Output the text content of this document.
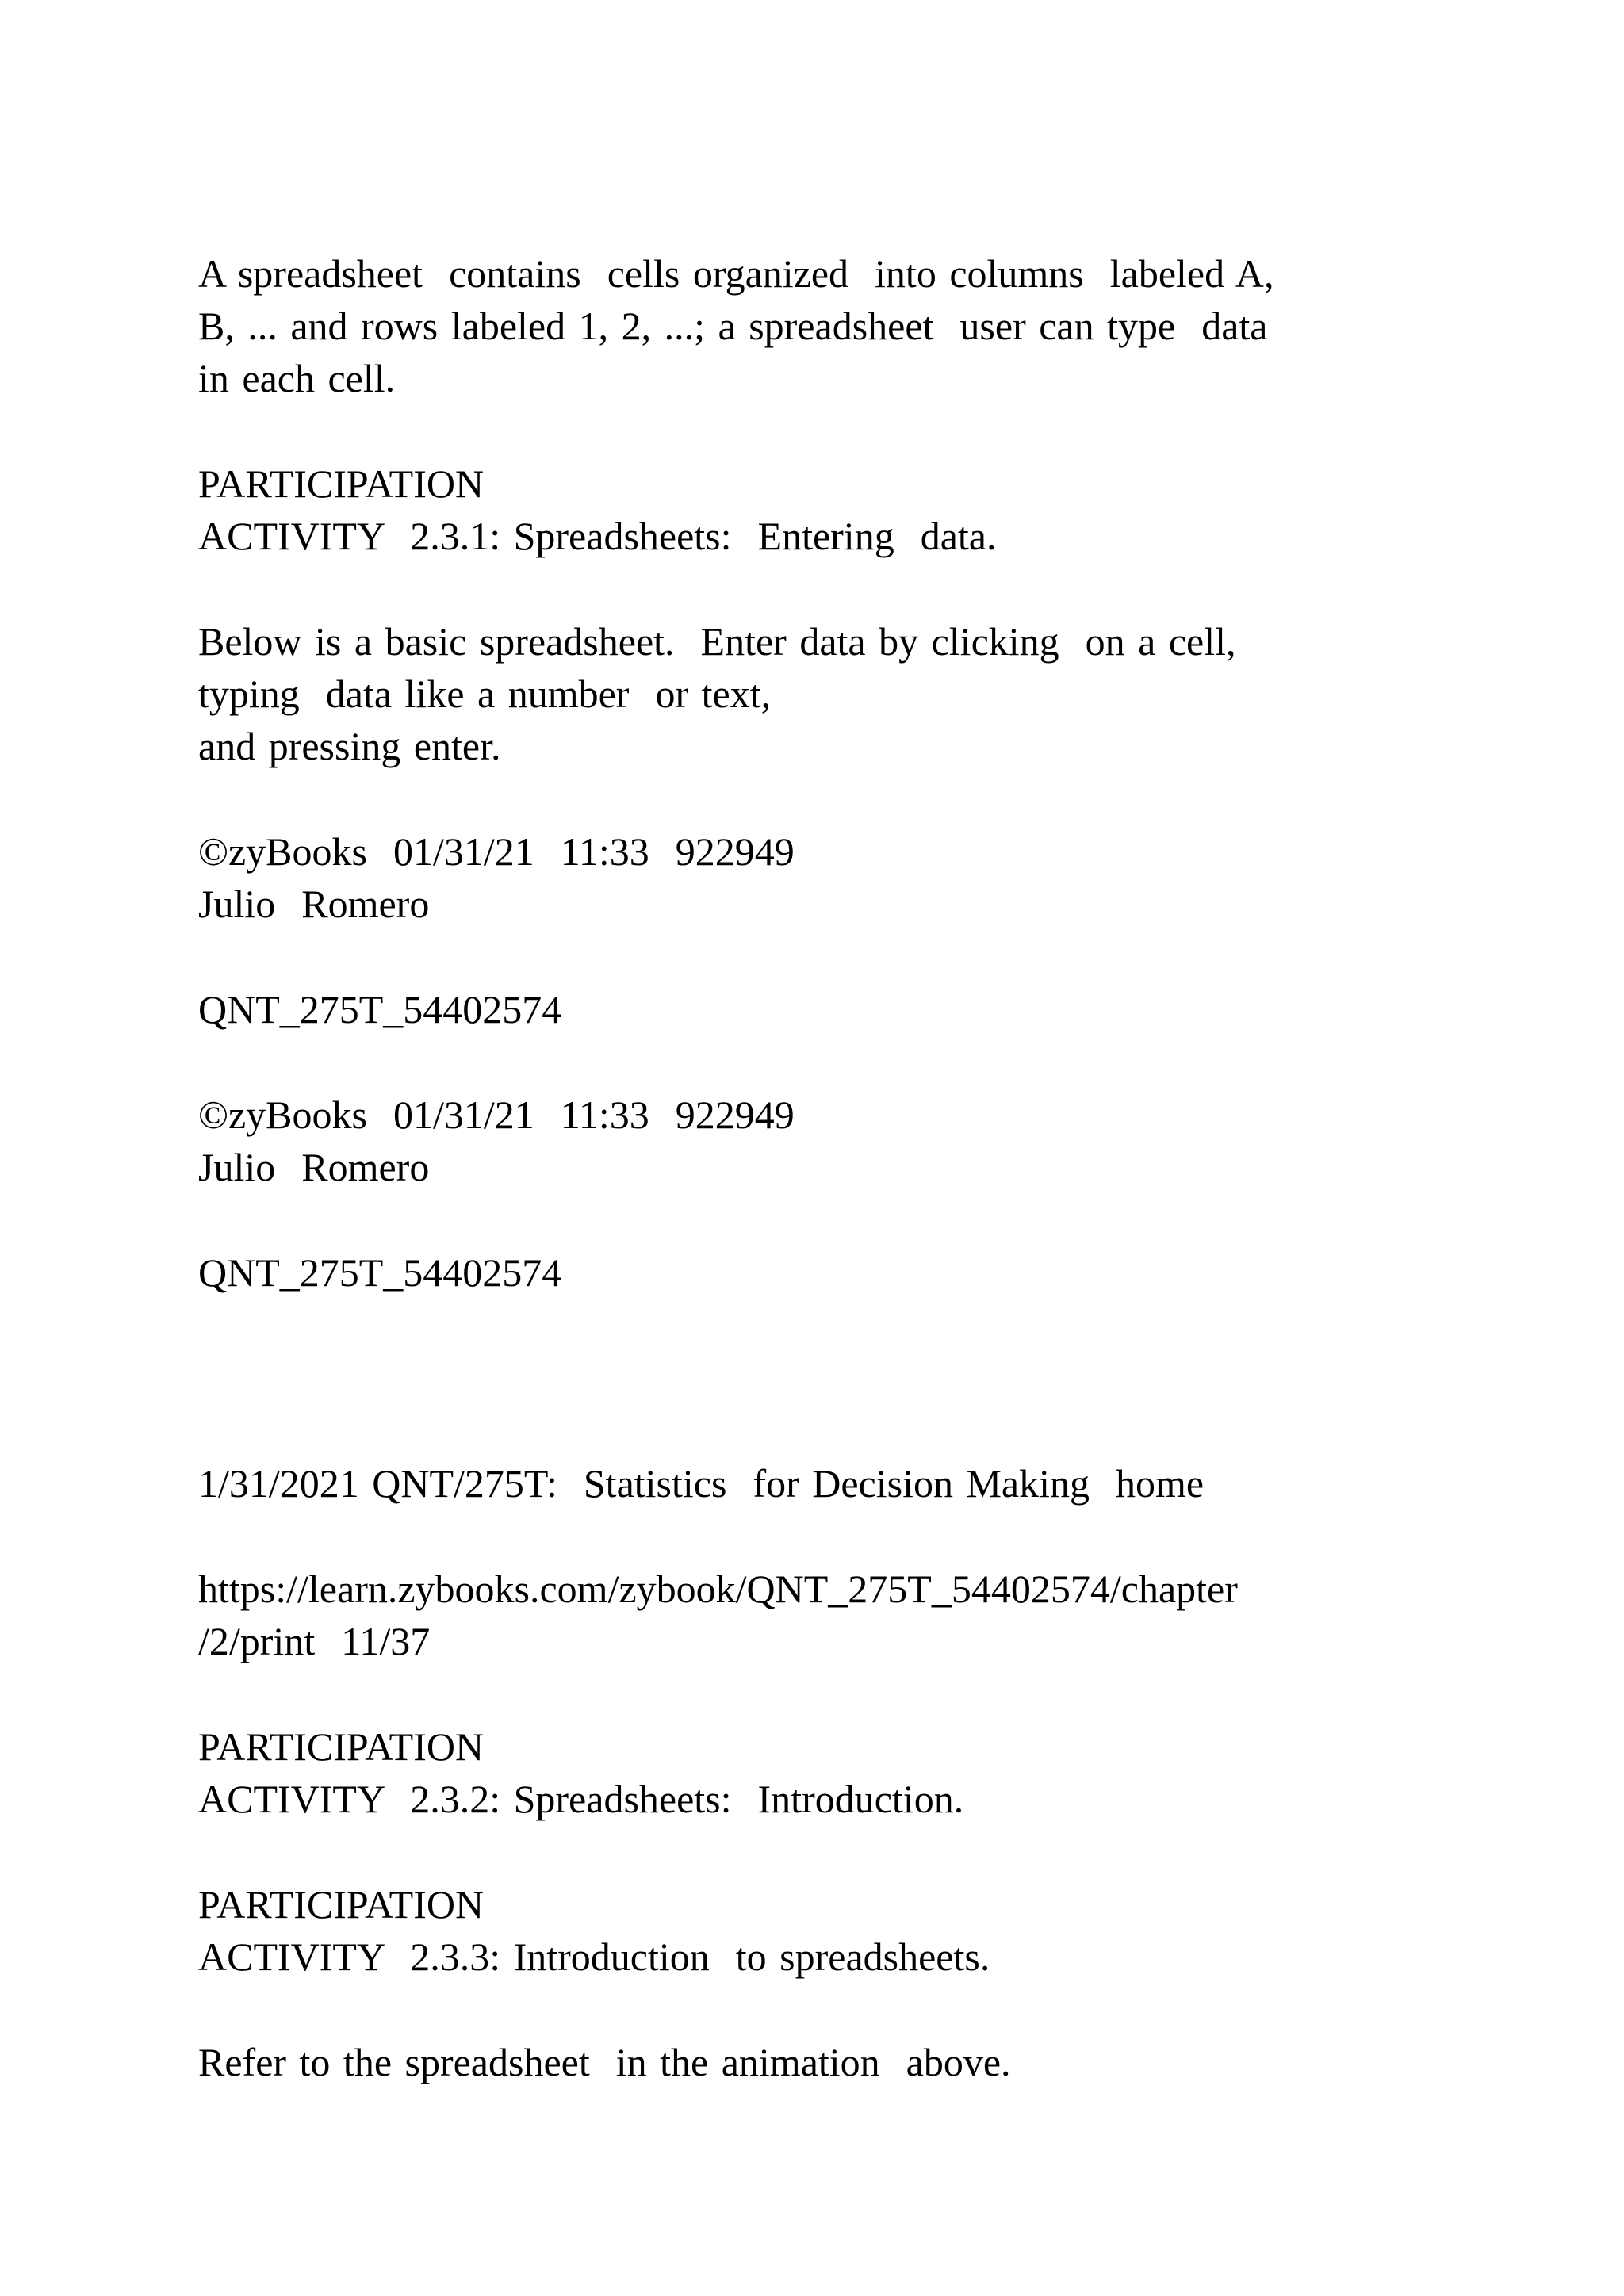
A spreadsheet  contains  cells organized  into columns  labeled A,

B, ... and rows labeled 1, 2, ...; a spreadsheet  user can type  data

in each cell.

PARTICIPATION

ACTIVITY  2.3.1: Spreadsheets:  Entering  data.

Below is a basic spreadsheet.  Enter data by clicking  on a cell,

typing  data like a number  or text,

and pressing enter.

©zyBooks  01/31/21  11:33  922949

Julio  Romero

QNT_275T_54402574

©zyBooks  01/31/21  11:33  922949

Julio  Romero

QNT_275T_54402574

1/31/2021 QNT/275T:  Statistics  for Decision Making  home

https://learn.zybooks.com/zybook/QNT_275T_54402574/chapter

/2/print  11/37

PARTICIPATION

ACTIVITY  2.3.2: Spreadsheets:  Introduction.

PARTICIPATION

ACTIVITY  2.3.3: Introduction  to spreadsheets.

Refer to the spreadsheet  in the animation  above.
